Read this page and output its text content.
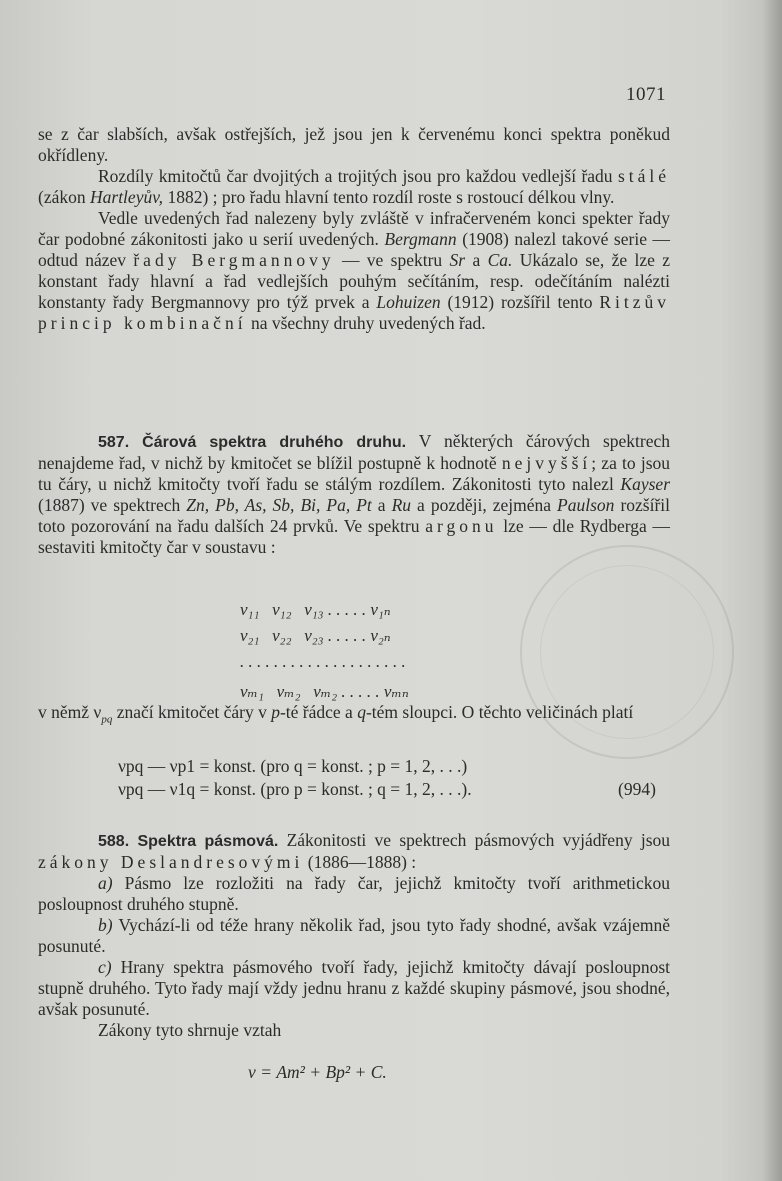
1071

se z čar slabších, avšak ostřejších, jež jsou jen k červenému konci spektra poněkud okřídleny.

Rozdíly kmitočtů čar dvojitých a trojitých jsou pro každou vedlejší řadu stálé (zákon Hartleyův, 1882) ; pro řadu hlavní tento rozdíl roste s rostoucí délkou vlny.

Vedle uvedených řad nalezeny byly zvláště v infračerveném konci spekter řady čar podobné zákonitosti jako u serií uvedených. Bergmann (1908) nalezl takové serie — odtud název řady Bergmannovy — ve spektru Sr a Ca. Ukázalo se, že lze z konstant řady hlavní a řad vedlejších pouhým sečítáním, resp. odečítáním nalézti konstanty řady Bergmannovy pro týž prvek a Lohuizen (1912) rozšířil tento Ritzův princip kombinační na všechny druhy uvedených řad.

587. Čárová spektra druhého druhu. V některých čárových spektrech nenajdeme řad, v nichž by kmitočet se blížil postupně k hodnotě nejvyšší; za to jsou tu čáry, u nichž kmitočty tvoří řadu se stálým rozdílem. Zákonitosti tyto nalezl Kayser (1887) ve spektrech Zn, Pb, As, Sb, Bi, Pa, Pt a Ru a později, zejména Paulson rozšířil toto pozorování na řadu dalších 24 prvků. Ve spektru argonu lze — dle Rydberga — sestaviti kmitočty čar v soustavu :

ν₁₁   ν₁₂   ν₁₃ . . . . . ν₁ₙ
ν₂₁   ν₂₂   ν₂₃ . . . . . ν₂ₙ
. . . . . . . . . . . . . . . . . . . .
νₘ₁   νₘ₂   νₘ₂ . . . . . νₘₙ

v němž $\nu_{pq}$ značí kmitočet čáry v p-té řádce a q-tém sloupci. O těchto veličinách platí

νpq — νp1 = konst. (pro q = konst. ; p = 1, 2, . . .)
νpq — ν1q = konst. (pro p = konst. ; q = 1, 2, . . .).	(994)

588. Spektra pásmová. Zákonitosti ve spektrech pásmových vyjádřeny jsou zákony Deslandresovými (1886—1888) :

a) Pásmo lze rozložiti na řady čar, jejichž kmitočty tvoří arithmetickou posloupnost druhého stupně.

b) Vychází-li od téže hrany několik řad, jsou tyto řady shodné, avšak vzájemně posunuté.

c) Hrany spektra pásmového tvoří řady, jejichž kmitočty dávají posloupnost stupně druhého. Tyto řady mají vždy jednu hranu z každé skupiny pásmové, jsou shodné, avšak posunuté.

Zákony tyto shrnuje vztah

ν = Am² + Bp² + C.
